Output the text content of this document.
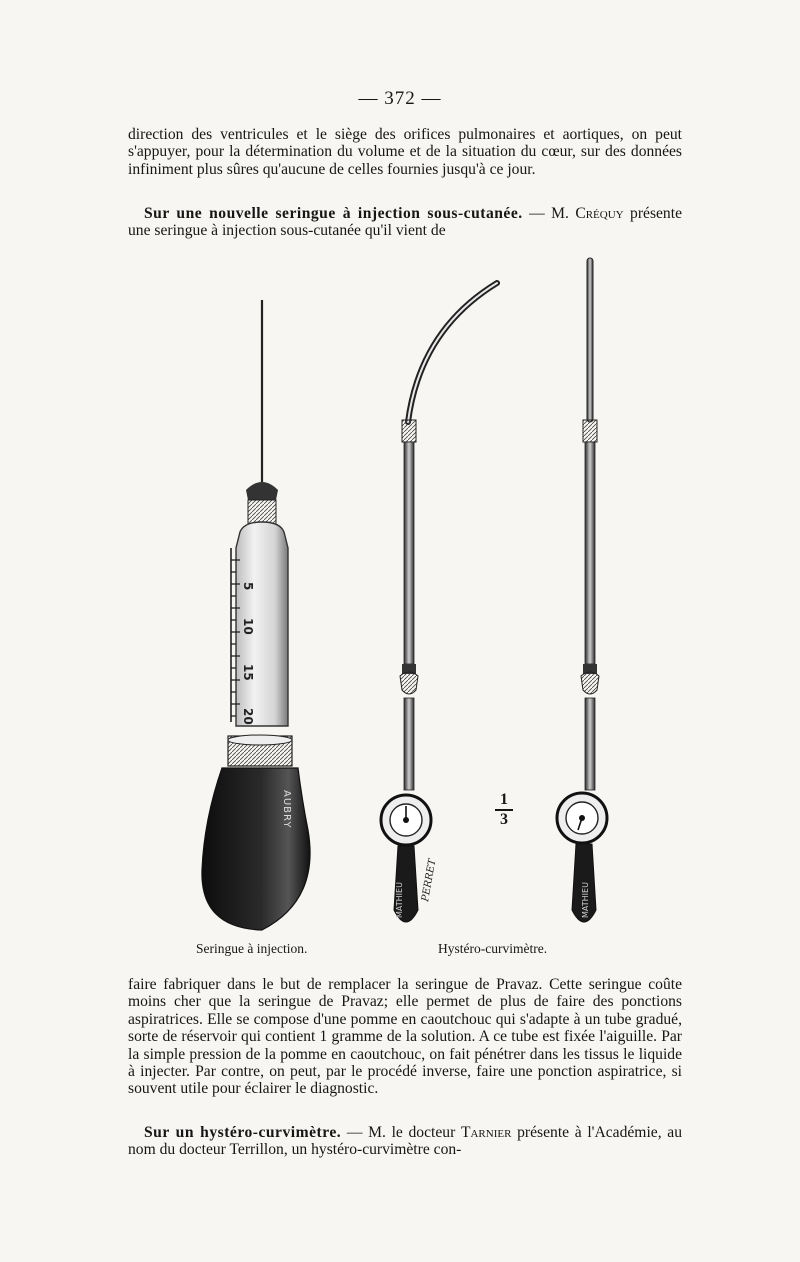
— 372 —

direction des ventricules et le siège des orifices pulmonaires et aortiques, on peut s'appuyer, pour la détermination du volume et de la situation du cœur, sur des données infiniment plus sûres qu'aucune de celles fournies jusqu'à ce jour.

Sur une nouvelle seringue à injection sous-cutanée. — M. Créquy présente une seringue à injection sous-cutanée qu'il vient de

5
10
15
20
AUBRY
MATHIEU PERRET	MATHIEU
1
3
Seringue à injection.	Hystéro-curvimètre.

faire fabriquer dans le but de remplacer la seringue de Pravaz. Cette seringue coûte moins cher que la seringue de Pravaz; elle permet de plus de faire des ponctions aspiratrices. Elle se compose d'une pomme en caoutchouc qui s'adapte à un tube gradué, sorte de réservoir qui contient 1 gramme de la solution. A ce tube est fixée l'aiguille. Par la simple pression de la pomme en caoutchouc, on fait pénétrer dans les tissus le liquide à injecter. Par contre, on peut, par le procédé inverse, faire une ponction aspiratrice, si souvent utile pour éclairer le diagnostic.

Sur un hystéro-curvimètre. — M. le docteur Tarnier présente à l'Académie, au nom du docteur Terrillon, un hystéro-curvimètre con-
